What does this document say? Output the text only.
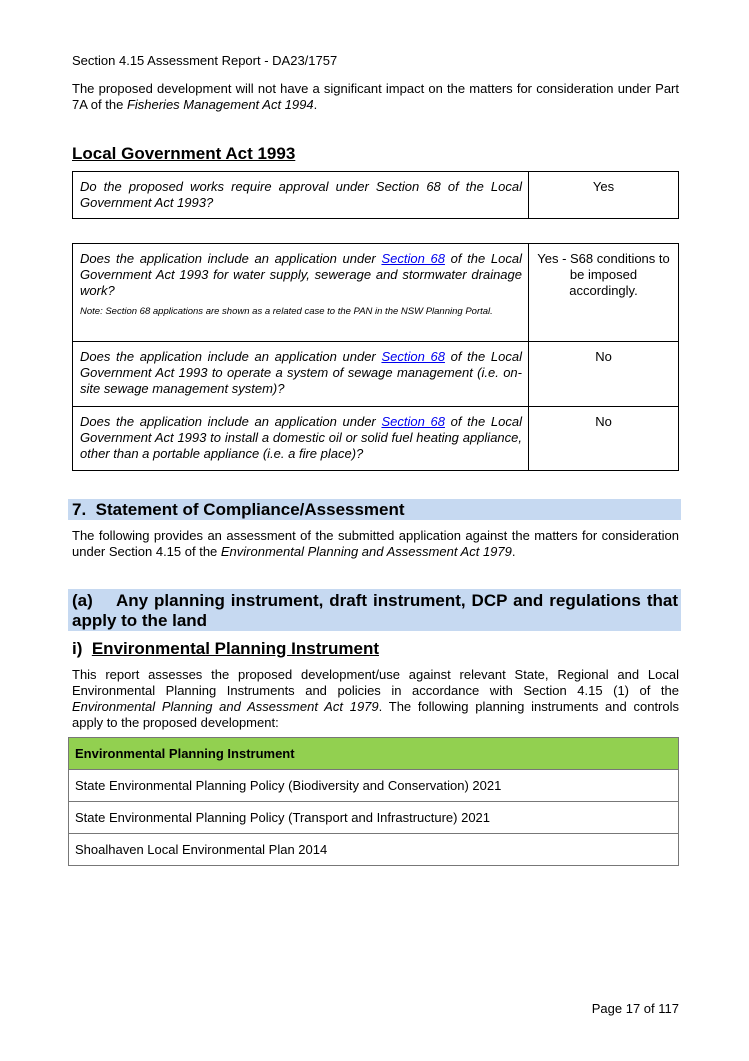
Section 4.15 Assessment Report - DA23/1757
The proposed development will not have a significant impact on the matters for consideration under Part 7A of the Fisheries Management Act 1994.
Local Government Act 1993
Do the proposed works require approval under Section 68 of the Local Government Act 1993?	Yes
Does the application include an application under Section 68 of the Local Government Act 1993 for water supply, sewerage and stormwater drainage work?
Note: Section 68 applications are shown as a related case to the PAN in the NSW Planning Portal.	Yes - S68 conditions to be imposed accordingly.
Does the application include an application under Section 68 of the Local Government Act 1993 to operate a system of sewage management (i.e. on-site sewage management system)?	No
Does the application include an application under Section 68 of the Local Government Act 1993 to install a domestic oil or solid fuel heating appliance, other than a portable appliance (i.e. a fire place)?	No
7.  Statement of Compliance/Assessment
The following provides an assessment of the submitted application against the matters for consideration under Section 4.15 of the Environmental Planning and Assessment Act 1979.
(a)    Any planning instrument, draft instrument, DCP and regulations that apply to the land
i) Environmental Planning Instrument
This report assesses the proposed development/use against relevant State, Regional and Local Environmental Planning Instruments and policies in accordance with Section 4.15 (1) of the Environmental Planning and Assessment Act 1979. The following planning instruments and controls apply to the proposed development:
Environmental Planning Instrument
State Environmental Planning Policy (Biodiversity and Conservation) 2021
State Environmental Planning Policy (Transport and Infrastructure) 2021
Shoalhaven Local Environmental Plan 2014
Page 17 of 117
